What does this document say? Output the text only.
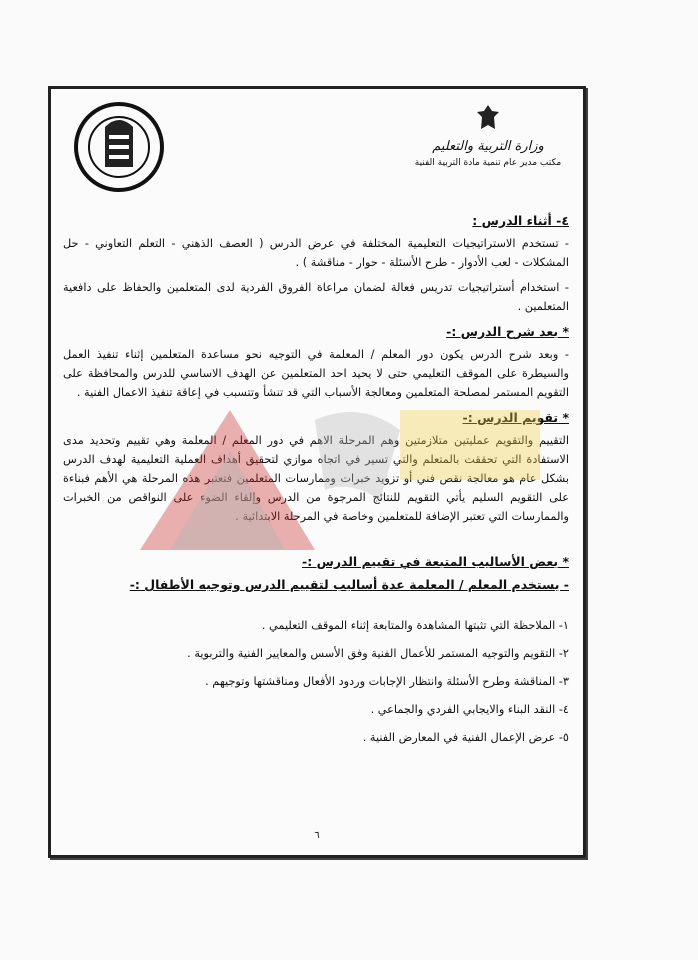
وزارة التربية والتعليم
مكتب مدير عام تنمية مادة التربية الفنية
٤- أثناء الدرس :

- تستخدم الاستراتيجيات التعليمية المختلفة في عرض الدرس ( العصف الذهني - التعلم التعاوني - حل المشكلات - لعب الأدوار - طرح الأسئلة - حوار - مناقشة ) .

- استخدام أستراتيجيات تدريس فعالة لضمان مراعاة الفروق الفردية لدى المتعلمين والحفاظ على دافعية المتعلمين .

* بعد شرح الدرس :-

- وبعد شرح الدرس يكون دور المعلم / المعلمة في التوجيه نحو مساعدة المتعلمين إثناء تنفيذ العمل والسيطرة على الموقف التعليمي حتى لا يحيد احد المتعلمين عن الهدف الاساسي للدرس والمحافظة على التقويم المستمر لمصلحة المتعلمين ومعالجة الأسباب التي قد تنشأ وتتسبب في إعاقة تنفيذ الاعمال الفنية .

* تقويم الدرس :-

التقييم والتقويم عمليتين متلازمتين وهم المرحلة الاهم في دور المعلم / المعلمة وهي تقييم وتحديد مدى الاستفادة التي تحققت بالمتعلم والتي تسير في اتجاه موازي لتحقيق أهداف العملية التعليمية لهدف الدرس بشكل عام هو معالجة نقص فني أو تزويد خبرات وممارسات المتعلمين فتعتبر هذه المرحلة هي الأهم فبناءة على التقويم السليم يأتي التقويم للنتائج المرجوة من الدرس وإلقاء الضوء على النواقص من الخبرات والممارسات التي تعتبر الإضافة للمتعلمين وخاصة في المرحلة الابتدائية .

* بعض الأساليب المتبعة في تقييم الدرس :-
- يستخدم المعلم / المعلمة عدة أساليب لتقييم الدرس وتوجيه الأطفال :-
١- الملاحظة التي تثبتها المشاهدة والمتابعة إثناء الموقف التعليمي .
٢- التقويم والتوجيه المستمر للأعمال الفنية وفق الأسس والمعايير الفنية والتربوية .
٣- المناقشة وطرح الأسئلة وانتظار الإجابات وردود الأفعال ومناقشتها وتوجيهم .
٤- النقد البناء والايجابي الفردي والجماعي .
٥- عرض الإعمال الفنية في المعارض الفنية .
٦
